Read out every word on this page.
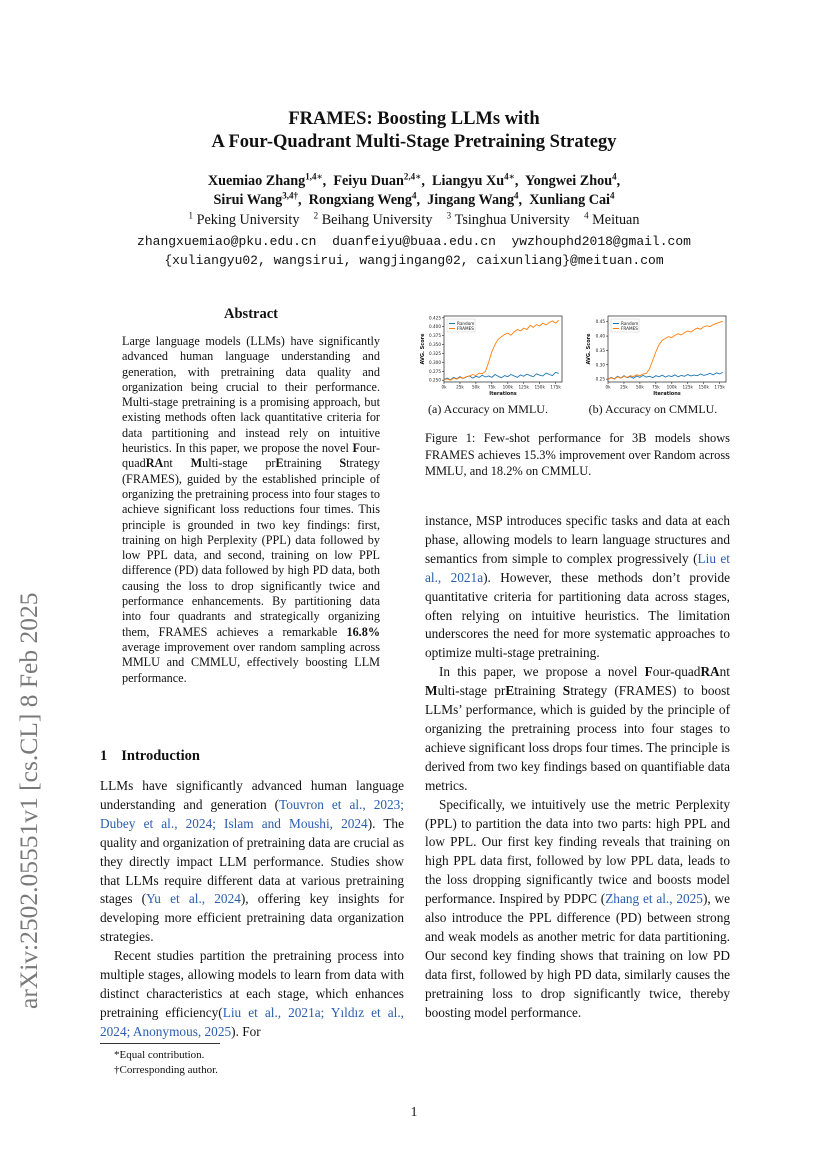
arXiv:2502.05551v1 [cs.CL] 8 Feb 2025
FRAMES: Boosting LLMs with
A Four-Quadrant Multi-Stage Pretraining Strategy
Xuemiao Zhang$^{1,4∗}$,  Feiyu Duan$^{2,4∗}$,  Liangyu $Xu^{4∗}$,  Yongwei Zhou$^4$,
Sirui Wang$^{3,4\dagger}$,  Rongxiang Weng$^4$,  Jingang Wang$^4$,  Xunliang Cai$^4$
$^1$ Peking University $^2$ Beihang University $^3$ Tsinghua University $^4$ Meituan
zhangxuemiao@pku.edu.cn  duanfeiyu@buaa.edu.cn  ywzhouphd2018@gmail.com
{xuliangyu02, wangsirui, wangjingang02, caixunliang}@meituan.com
Abstract
Large language models (LLMs) have significantly advanced human language understanding and generation, with pretraining data quality and organization being crucial to their performance. Multi-stage pretraining is a promising approach, but existing methods often lack quantitative criteria for data partitioning and instead rely on intuitive heuristics. In this paper, we propose the novel Four-quadRAnt Multi-stage prEtraining Strategy (FRAMES), guided by the established principle of organizing the pretraining process into four stages to achieve significant loss reductions four times. This principle is grounded in two key findings: first, training on high Perplexity (PPL) data followed by low PPL data, and second, training on low PPL difference (PD) data followed by high PD data, both causing the loss to drop significantly twice and performance enhancements. By partitioning data into four quadrants and strategically organizing them, FRAMES achieves a remarkable 16.8% average improvement over random sampling across MMLU and CMMLU, effectively boosting LLM performance.
1 Introduction

LLMs have significantly advanced human language understanding and generation (Touvron et al., 2023; Dubey et al., 2024; Islam and Moushi, 2024). The quality and organization of pretraining data are crucial as they directly impact LLM performance. Studies show that LLMs require different data at various pretraining stages (Yu et al., 2024), offering key insights for developing more efficient pretraining data organization strategies.

Recent studies partition the pretraining process into multiple stages, allowing models to learn from data with distinct characteristics at each stage, which enhances pretraining efficiency(Liu et al., 2021a; Yıldız et al., 2024; Anonymous, 2025). For

*Equal contribution.
†Corresponding author.
0.250
0.275
0.300
0.325
0.350
0.375
0.400
0.425
0k 25k 50k 75k 100k 125k 150k 175k
Iterations
AVG. Score
Random
FRAMES
0.25
0.30
0.35
0.40
0.45
0k 25k 50k 75k 100k 125k 150k 175k
Iterations
AVG. Score
Random
FRAMES
(a) Accuracy on MMLU.	(b) Accuracy on CMMLU.
Figure 1: Few-shot performance for 3B models shows FRAMES achieves 15.3% improvement over Random across MMLU, and 18.2% on CMMLU.

instance, MSP introduces specific tasks and data at each phase, allowing models to learn language structures and semantics from simple to complex progressively (Liu et al., 2021a). However, these methods don’t provide quantitative criteria for partitioning data across stages, often relying on intuitive heuristics. The limitation underscores the need for more systematic approaches to optimize multi-stage pretraining.

In this paper, we propose a novel Four-quadRAnt Multi-stage prEtraining Strategy (FRAMES) to boost LLMs’ performance, which is guided by the principle of organizing the pretraining process into four stages to achieve significant loss drops four times. The principle is derived from two key findings based on quantifiable data metrics.

Specifically, we intuitively use the metric Perplexity (PPL) to partition the data into two parts: high PPL and low PPL. Our first key finding reveals that training on high PPL data first, followed by low PPL data, leads to the loss dropping significantly twice and boosts model performance. Inspired by PDPC (Zhang et al., 2025), we also introduce the PPL difference (PD) between strong and weak models as another metric for data partitioning. Our second key finding shows that training on low PD data first, followed by high PD data, similarly causes the pretraining loss to drop significantly twice, thereby boosting model performance.

1
